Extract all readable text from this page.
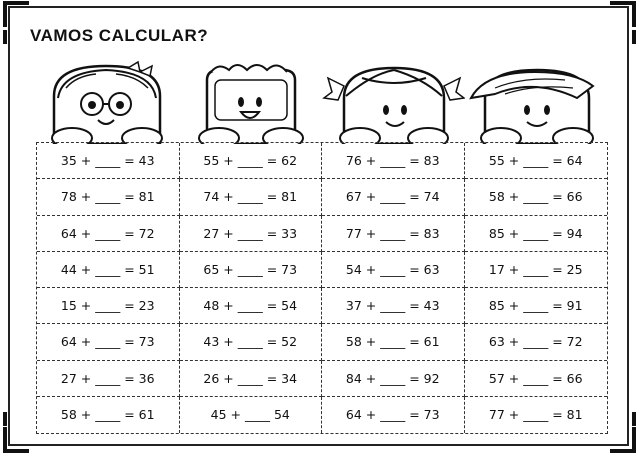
VAMOS CALCULAR?
35 + ____ = 43	55 + ____ = 62	76 + ____ = 83	55 + ____ = 64
78 + ____ = 81	74 + ____ = 81	67 + ____ = 74	58 + ____ = 66
64 + ____ = 72	27 + ____ = 33	77 + ____ = 83	85 + ____ = 94
44 + ____ = 51	65 + ____ = 73	54 + ____ = 63	17 + ____ = 25
15 + ____ = 23	48 + ____ = 54	37 + ____ = 43	85 + ____ = 91
64 + ____ = 73	43 + ____ = 52	58 + ____ = 61	63 + ____ = 72
27 + ____ = 36	26 + ____ = 34	84 + ____ = 92	57 + ____ = 66
58 + ____ = 61	45 + ____ 54	64 + ____ = 73	77 + ____ = 81
